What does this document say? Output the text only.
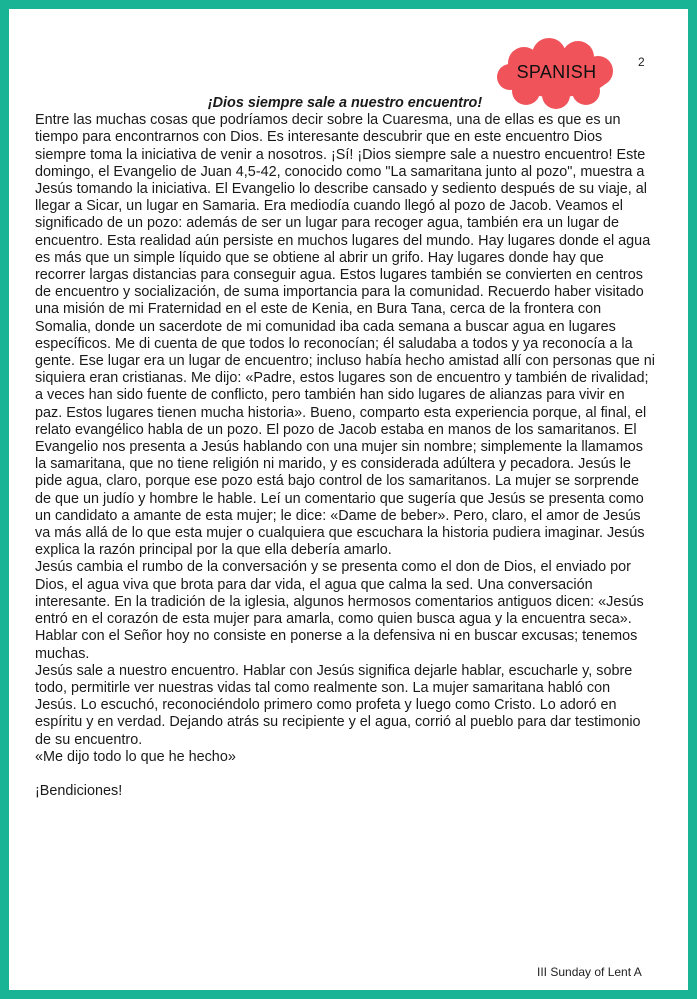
SPANISH	2

¡Dios siempre sale a nuestro encuentro!

Entre las muchas cosas que podríamos decir sobre la Cuaresma, una de ellas es que es un tiempo para encontrarnos con Dios. Es interesante descubrir que en este encuentro Dios siempre toma la iniciativa de venir a nosotros. ¡Sí! ¡Dios siempre sale a nuestro encuentro! Este domingo, el Evangelio de Juan 4,5-42, conocido como "La samaritana junto al pozo", muestra a Jesús tomando la iniciativa. El Evangelio lo describe cansado y sediento después de su viaje, al llegar a Sicar, un lugar en Samaria. Era mediodía cuando llegó al pozo de Jacob. Veamos el significado de un pozo: además de ser un lugar para recoger agua, también era un lugar de encuentro. Esta realidad aún persiste en muchos lugares del mundo. Hay lugares donde el agua es más que un simple líquido que se obtiene al abrir un grifo. Hay lugares donde hay que recorrer largas distancias para conseguir agua. Estos lugares también se convierten en centros de encuentro y socialización, de suma importancia para la comunidad. Recuerdo haber visitado una misión de mi Fraternidad en el este de Kenia, en Bura Tana, cerca de la frontera con Somalia, donde un sacerdote de mi comunidad iba cada semana a buscar agua en lugares específicos. Me di cuenta de que todos lo reconocían; él saludaba a todos y ya reconocía a la gente. Ese lugar era un lugar de encuentro; incluso había hecho amistad allí con personas que ni siquiera eran cristianas. Me dijo: «Padre, estos lugares son de encuentro y también de rivalidad; a veces han sido fuente de conflicto, pero también han sido lugares de alianzas para vivir en paz. Estos lugares tienen mucha historia». Bueno, comparto esta experiencia porque, al final, el relato evangélico habla de un pozo. El pozo de Jacob estaba en manos de los samaritanos. El Evangelio nos presenta a Jesús hablando con una mujer sin nombre; simplemente la llamamos la samaritana, que no tiene religión ni marido, y es considerada adúltera y pecadora. Jesús le pide agua, claro, porque ese pozo está bajo control de los samaritanos. La mujer se sorprende de que un judío y hombre le hable. Leí un comentario que sugería que Jesús se presenta como un candidato a amante de esta mujer; le dice: «Dame de beber». Pero, claro, el amor de Jesús va más allá de lo que esta mujer o cualquiera que escuchara la historia pudiera imaginar. Jesús explica la razón principal por la que ella debería amarlo.

Jesús cambia el rumbo de la conversación y se presenta como el don de Dios, el enviado por Dios, el agua viva que brota para dar vida, el agua que calma la sed. Una conversación interesante. En la tradición de la iglesia, algunos hermosos comentarios antiguos dicen: «Jesús entró en el corazón de esta mujer para amarla, como quien busca agua y la encuentra seca».

Hablar con el Señor hoy no consiste en ponerse a la defensiva ni en buscar excusas; tenemos muchas.

Jesús sale a nuestro encuentro. Hablar con Jesús significa dejarle hablar, escucharle y, sobre todo, permitirle ver nuestras vidas tal como realmente son. La mujer samaritana habló con Jesús. Lo escuchó, reconociéndolo primero como profeta y luego como Cristo. Lo adoró en espíritu y en verdad. Dejando atrás su recipiente y el agua, corrió al pueblo para dar testimonio de su encuentro.

«Me dijo todo lo que he hecho»

¡Bendiciones!

III Sunday of Lent A
